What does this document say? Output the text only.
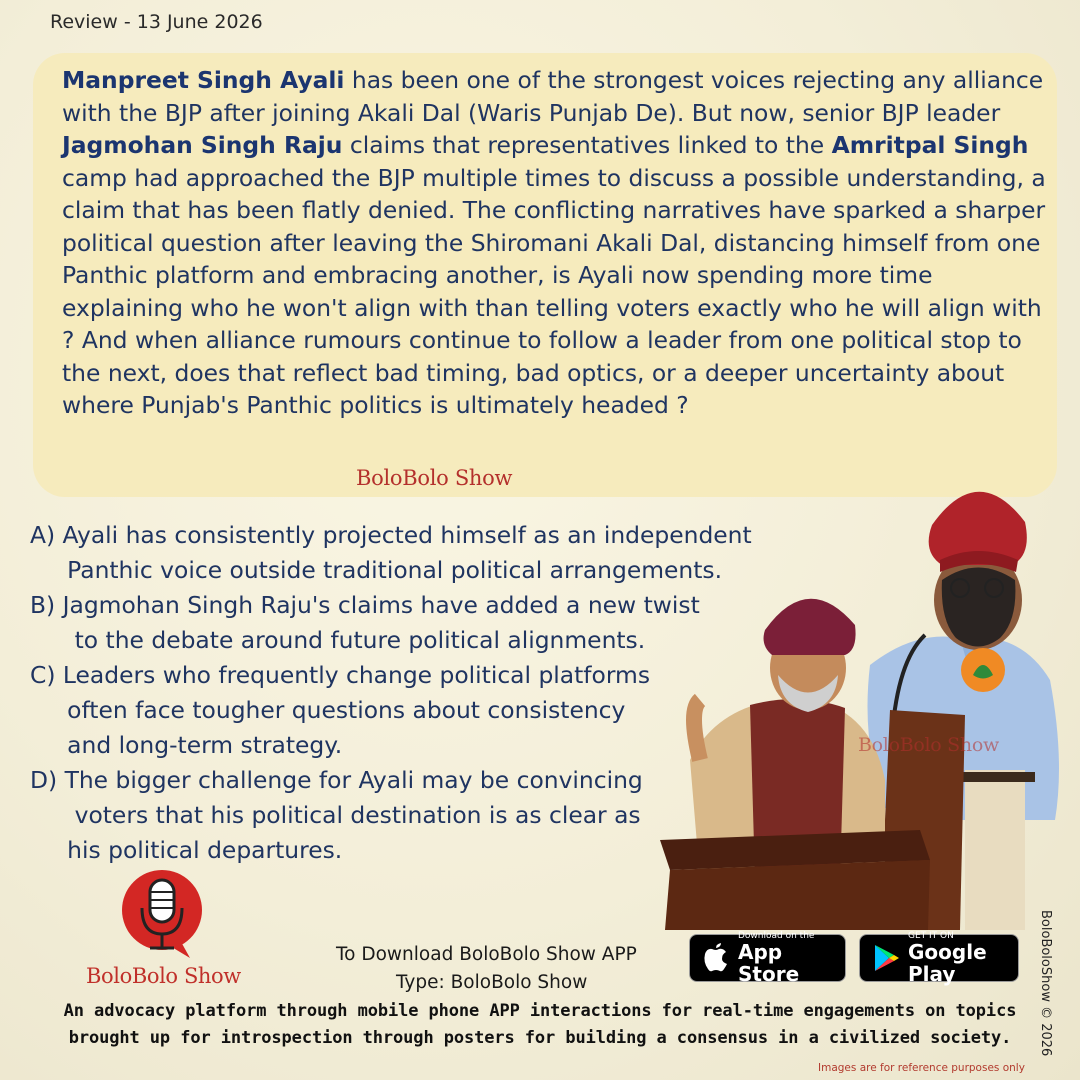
Review - 13 June 2026
Manpreet Singh Ayali has been one of the strongest voices rejecting any alliance with the BJP after joining Akali Dal (Waris Punjab De). But now, senior BJP leader Jagmohan Singh Raju claims that representatives linked to the Amritpal Singh camp had approached the BJP multiple times to discuss a possible understanding, a claim that has been flatly denied. The conflicting narratives have sparked a sharper political question after leaving the Shiromani Akali Dal, distancing himself from one Panthic platform and embracing another, is Ayali now spending more time explaining who he won't align with than telling voters exactly who he will align with ? And when alliance rumours continue to follow a leader from one political stop to the next, does that reflect bad timing, bad optics, or a deeper uncertainty about where Punjab's Panthic politics is ultimately headed ?
BoloBolo Show
A) Ayali has consistently projected himself as an independent
Panthic voice outside traditional political arrangements.
B) Jagmohan Singh Raju's claims have added a new twist
to the debate around future political alignments.
C) Leaders who frequently change political platforms
often face tougher questions about consistency
and long-term strategy.
D) The bigger challenge for Ayali may be convincing
voters that his political destination is as clear as
his political departures.
BoloBolo Show
BoloBolo Show
To Download BoloBolo Show APP
Type: BoloBolo Show
Download on the
App Store
GET IT ON
Google Play
An advocacy platform through mobile phone APP interactions for real-time engagements on topics
brought up for introspection through posters for building a consensus in a civilized society.
Images are for reference purposes only
BoloBoloShow © 2026
